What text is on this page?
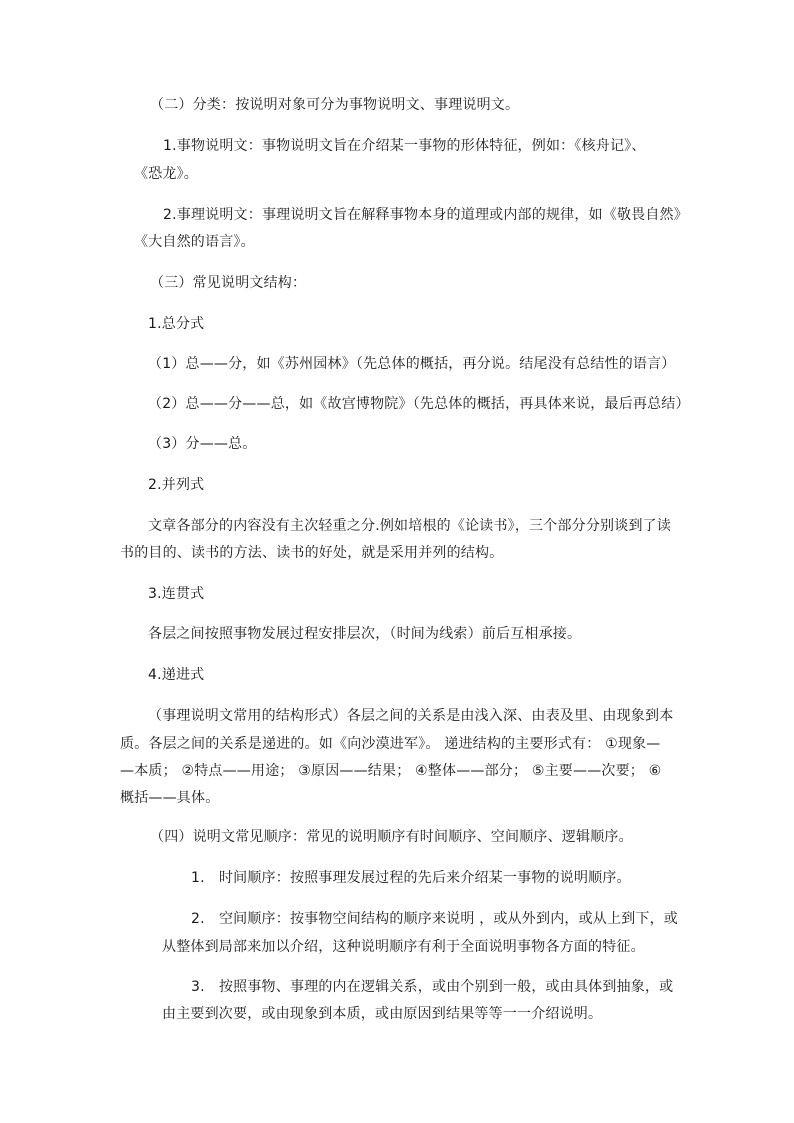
（二）分类：按说明对象可分为事物说明文、事理说明文。
1.事物说明文：事物说明文旨在介绍某一事物的形体特征，例如：《核舟记》、
《恐龙》。
2.事理说明文：事理说明文旨在解释事物本身的道理或内部的规律，如《敬畏自然》
《大自然的语言》。
（三）常见说明文结构：
1.总分式
（1）总——分，如《苏州园林》（先总体的概括，再分说。结尾没有总结性的语言）
（2）总——分——总，如《故宫博物院》（先总体的概括，再具体来说，最后再总结）
（3）分——总。
2.并列式
文章各部分的内容没有主次轻重之分.例如培根的《论读书》，三个部分分别谈到了读
书的目的、读书的方法、读书的好处，就是采用并列的结构。
3.连贯式
各层之间按照事物发展过程安排层次，（时间为线索）前后互相承接。
4.递进式
（事理说明文常用的结构形式）各层之间的关系是由浅入深、由表及里、由现象到本
质。各层之间的关系是递进的。如《向沙漠进军》。 递进结构的主要形式有： ①现象—
—本质； ②特点——用途； ③原因——结果； ④整体——部分； ⑤主要——次要； ⑥
概括——具体。
（四）说明文常见顺序：常见的说明顺序有时间顺序、空间顺序、逻辑顺序。
1.　时间顺序：按照事理发展过程的先后来介绍某一事物的说明顺序。
2.　空间顺序：按事物空间结构的顺序来说明 ，或从外到内，或从上到下，或
从整体到局部来加以介绍，这种说明顺序有利于全面说明事物各方面的特征。
3.　按照事物、事理的内在逻辑关系，或由个别到一般，或由具体到抽象，或
由主要到次要，或由现象到本质，或由原因到结果等等一一介绍说明。
